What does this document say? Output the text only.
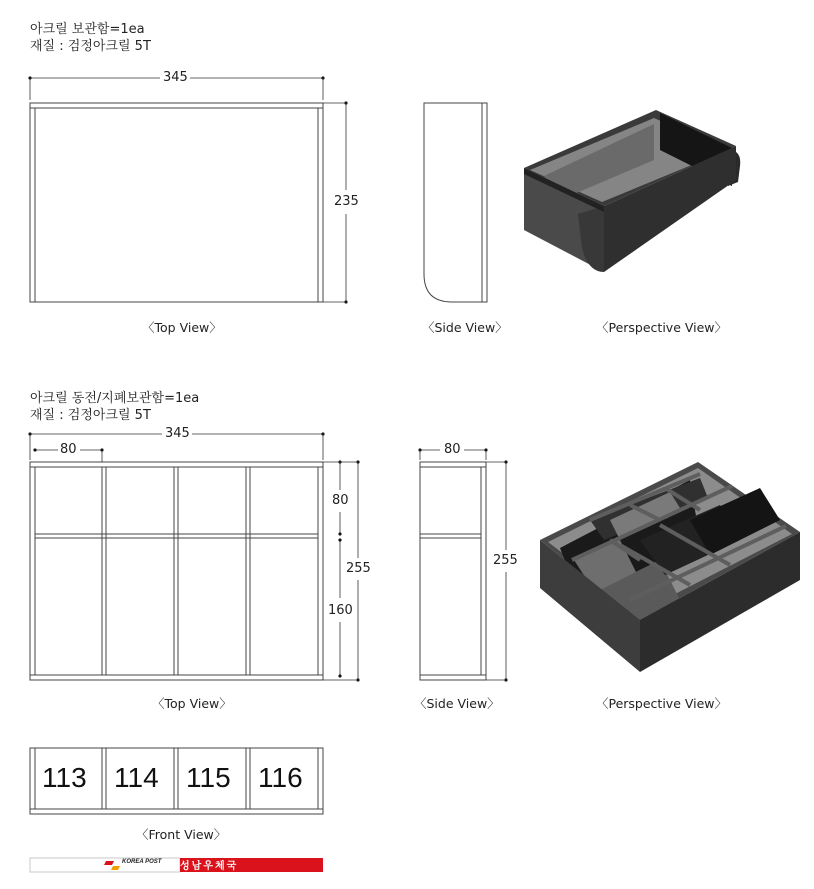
아크릴 보관함=1ea
재질 : 검정아크릴 5T
345
235
〈Top View〉	〈Side View〉	〈Perspective View〉
아크릴 동전/지폐보관함=1ea
재질 : 검정아크릴 5T
345
80
80
255
160
80
255
〈Top View〉	〈Side View〉	〈Perspective View〉
113 114 115 116
〈Front View〉
KOREA POST 성남우체국
